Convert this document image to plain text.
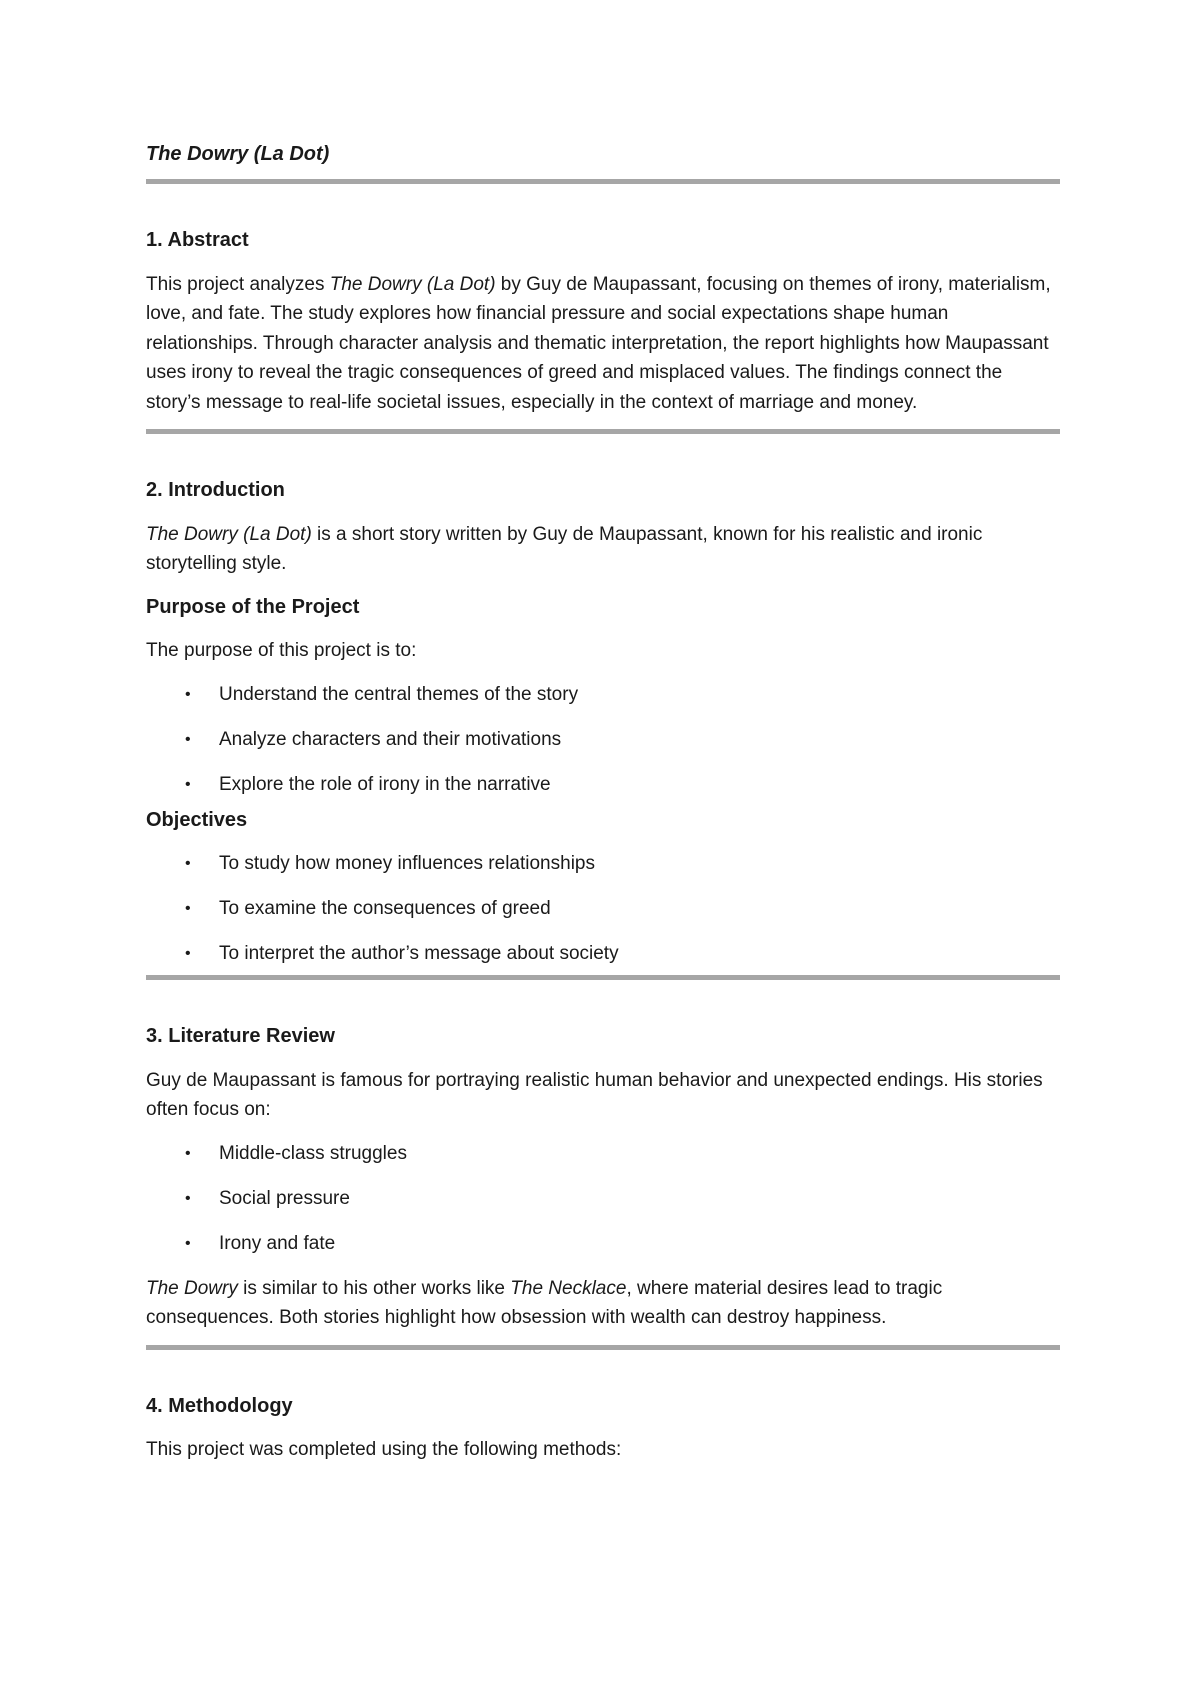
The Dowry (La Dot)
1. Abstract

This project analyzes The Dowry (La Dot) by Guy de Maupassant, focusing on themes of irony, materialism, love, and fate. The study explores how financial pressure and social expectations shape human relationships. Through character analysis and thematic interpretation, the report highlights how Maupassant uses irony to reveal the tragic consequences of greed and misplaced values. The findings connect the story’s message to real-life societal issues, especially in the context of marriage and money.

2. Introduction

The Dowry (La Dot) is a short story written by Guy de Maupassant, known for his realistic and ironic storytelling style.

Purpose of the Project

The purpose of this project is to:

• Understand the central themes of the story
• Analyze characters and their motivations
• Explore the role of irony in the narrative
Objectives
• To study how money influences relationships
• To examine the consequences of greed
• To interpret the author’s message about society
3. Literature Review

Guy de Maupassant is famous for portraying realistic human behavior and unexpected endings. His stories often focus on:

• Middle-class struggles
• Social pressure
• Irony and fate

The Dowry is similar to his other works like The Necklace, where material desires lead to tragic consequences. Both stories highlight how obsession with wealth can destroy happiness.

4. Methodology

This project was completed using the following methods:
